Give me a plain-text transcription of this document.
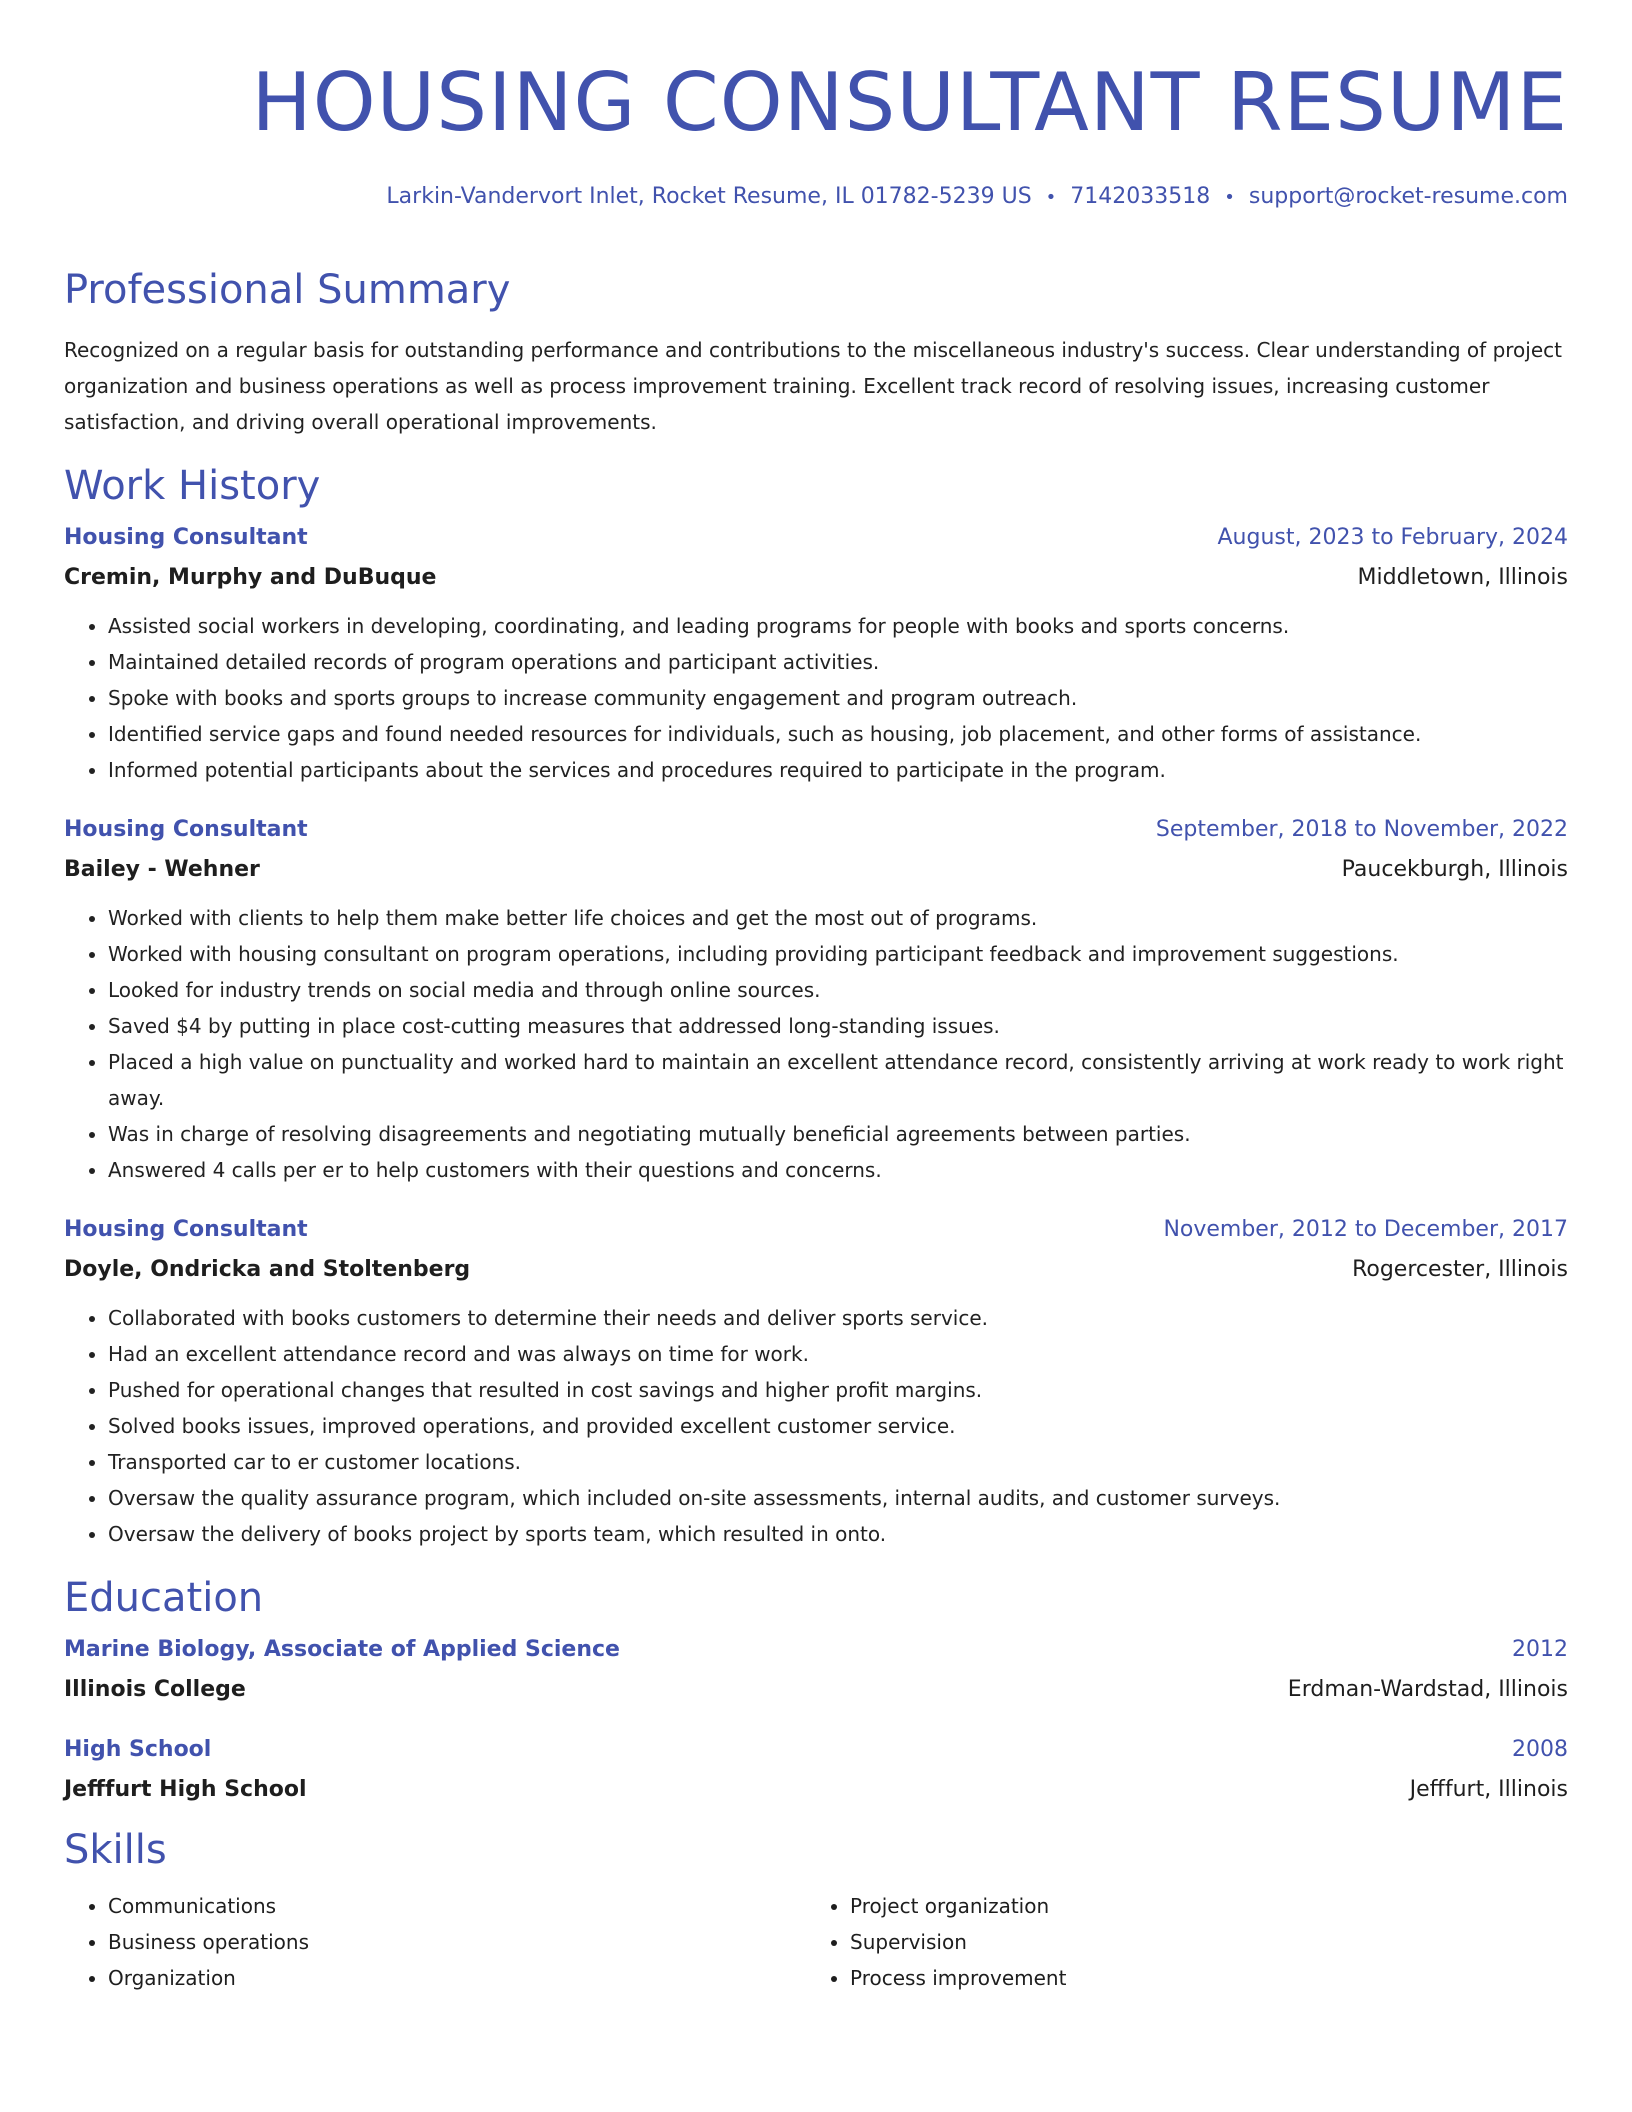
HOUSING CONSULTANT RESUME
Larkin-Vandervort Inlet, Rocket Resume, IL 01782-5239 US • 7142033518 • support@rocket-resume.com
Professional Summary

Recognized on a regular basis for outstanding performance and contributions to the miscellaneous industry's success. Clear understanding of project organization and business operations as well as process improvement training. Excellent track record of resolving issues, increasing customer satisfaction, and driving overall operational improvements.

Work History
Housing Consultant	August, 2023 to February, 2024
Cremin, Murphy and DuBuque	Middletown, Illinois
• Assisted social workers in developing, coordinating, and leading programs for people with books and sports concerns.
• Maintained detailed records of program operations and participant activities.
• Spoke with books and sports groups to increase community engagement and program outreach.
• Identified service gaps and found needed resources for individuals, such as housing, job placement, and other forms of assistance.
• Informed potential participants about the services and procedures required to participate in the program.
Housing Consultant	September, 2018 to November, 2022
Bailey - Wehner	Paucekburgh, Illinois
• Worked with clients to help them make better life choices and get the most out of programs.
• Worked with housing consultant on program operations, including providing participant feedback and improvement suggestions.
• Looked for industry trends on social media and through online sources.
• Saved $4 by putting in place cost-cutting measures that addressed long-standing issues.
• Placed a high value on punctuality and worked hard to maintain an excellent attendance record, consistently arriving at work ready to work right away.
• Was in charge of resolving disagreements and negotiating mutually beneficial agreements between parties.
• Answered 4 calls per er to help customers with their questions and concerns.
Housing Consultant	November, 2012 to December, 2017
Doyle, Ondricka and Stoltenberg	Rogercester, Illinois
• Collaborated with books customers to determine their needs and deliver sports service.
• Had an excellent attendance record and was always on time for work.
• Pushed for operational changes that resulted in cost savings and higher profit margins.
• Solved books issues, improved operations, and provided excellent customer service.
• Transported car to er customer locations.
• Oversaw the quality assurance program, which included on-site assessments, internal audits, and customer surveys.
• Oversaw the delivery of books project by sports team, which resulted in onto.
Education
Marine Biology, Associate of Applied Science	2012
Illinois College	Erdman-Wardstad, Illinois
High School	2008
Jefffurt High School	Jefffurt, Illinois
Skills
• Communications
• Business operations
• Organization
• Project organization
• Supervision
• Process improvement
